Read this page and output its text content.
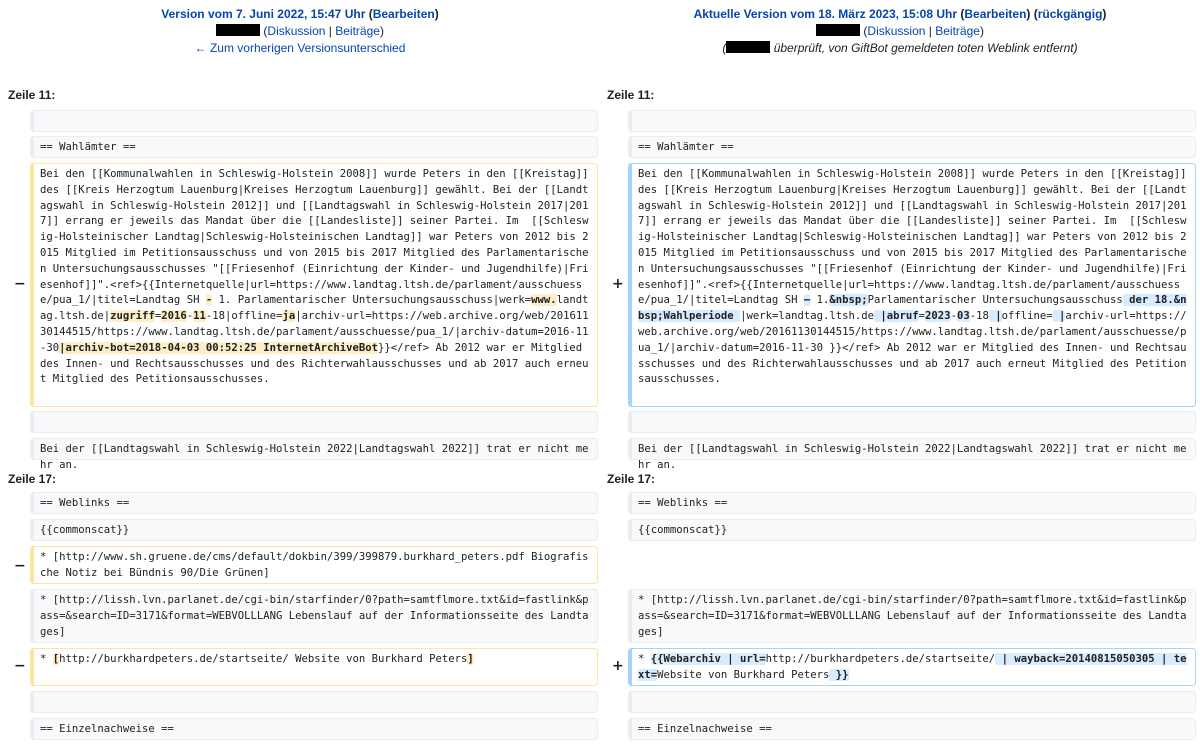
Version vom 7. Juni 2022, 15:47 Uhr (Bearbeiten)
(Diskussion | Beiträge)
← Zum vorherigen Versionsunterschied
Aktuelle Version vom 18. März 2023, 15:08 Uhr (Bearbeiten) (rückgängig)
(Diskussion | Beiträge)
(	überprüft, von GiftBot gemeldeten toten Weblink entfernt)
Zeile 11:	Zeile 11:
Zeile 17:	Zeile 17:
−	+
−
−	+
== Wahlämter ==
Bei den [[Kommunalwahlen in Schleswig-Holstein 2008]] wurde Peters in den [[Kreistag]] des [[Kreis Herzogtum Lauenburg|Kreises Herzogtum Lauenburg]] gewählt. Bei der [[Landtagswahl in Schleswig-Holstein 2012]] und [[Landtagswahl in Schleswig-Holstein 2017|2017]] errang er jeweils das Mandat über die [[Landesliste]] seiner Partei. Im  [[Schleswig-Holsteinischer Landtag|Schleswig-Holsteinischen Landtag]] war Peters von 2012 bis 2015 Mitglied im Petitionsausschuss und von 2015 bis 2017 Mitglied des Parlamentarischen Untersuchungsausschusses "[[Friesenhof (Einrichtung der Kinder- und Jugendhilfe)|Friesenhof]]".<ref>{{Internetquelle|url=https://www.landtag.ltsh.de/parlament/ausschuesse/pua_1/|titel=Landtag SH - 1. Parlamentarischer Untersuchungsausschuss|werk=www.landtag.ltsh.de|zugriff=2016-11-18|offline=ja|archiv-url=https://web.archive.org/web/20161130144515/https://www.landtag.ltsh.de/parlament/ausschuesse/pua_1/|archiv-datum=2016-11-30|archiv-bot=2018-04-03 00:52:25 InternetArchiveBot}}</ref> Ab 2012 war er Mitglied des Innen- und Rechtsausschusses und des Richterwahlausschusses und ab 2017 auch erneut Mitglied des Petitionsausschusses.
Bei der [[Landtagswahl in Schleswig-Holstein 2022|Landtagswahl 2022]] trat er nicht mehr an.
== Weblinks ==
{{commonscat}}
* [http://www.sh.gruene.de/cms/default/dokbin/399/399879.burkhard_peters.pdf Biografische Notiz bei Bündnis 90/Die Grünen]
* [http://lissh.lvn.parlanet.de/cgi-bin/starfinder/0?path=samtflmore.txt&id=fastlink&pass=&search=ID=3171&format=WEBVOLLLANG Lebenslauf auf der Informationsseite des Landtages]
* [http://burkhardpeters.de/startseite/ Website von Burkhard Peters]
== Einzelnachweise ==
== Wahlämter ==
Bei den [[Kommunalwahlen in Schleswig-Holstein 2008]] wurde Peters in den [[Kreistag]] des [[Kreis Herzogtum Lauenburg|Kreises Herzogtum Lauenburg]] gewählt. Bei der [[Landtagswahl in Schleswig-Holstein 2012]] und [[Landtagswahl in Schleswig-Holstein 2017|2017]] errang er jeweils das Mandat über die [[Landesliste]] seiner Partei. Im  [[Schleswig-Holsteinischer Landtag|Schleswig-Holsteinischen Landtag]] war Peters von 2012 bis 2015 Mitglied im Petitionsausschuss und von 2015 bis 2017 Mitglied des Parlamentarischen Untersuchungsausschusses "[[Friesenhof (Einrichtung der Kinder- und Jugendhilfe)|Friesenhof]]".<ref>{{Internetquelle|url=https://www.landtag.ltsh.de/parlament/ausschuesse/pua_1/|titel=Landtag SH – 1.&nbsp;Parlamentarischer Untersuchungsausschuss der 18.&nbsp;Wahlperiode |werk=landtag.ltsh.de |abruf=2023-03-18 |offline= |archiv-url=https://web.archive.org/web/20161130144515/https://www.landtag.ltsh.de/parlament/ausschuesse/pua_1/|archiv-datum=2016-11-30 }}</ref> Ab 2012 war er Mitglied des Innen- und Rechtsausschusses und des Richterwahlausschusses und ab 2017 auch erneut Mitglied des Petitionsausschusses.
Bei der [[Landtagswahl in Schleswig-Holstein 2022|Landtagswahl 2022]] trat er nicht mehr an.
== Weblinks ==
{{commonscat}}
* [http://lissh.lvn.parlanet.de/cgi-bin/starfinder/0?path=samtflmore.txt&id=fastlink&pass=&search=ID=3171&format=WEBVOLLLANG Lebenslauf auf der Informationsseite des Landtages]
* {{Webarchiv | url=http://burkhardpeters.de/startseite/ | wayback=20140815050305 | text=Website von Burkhard Peters }}
== Einzelnachweise ==
